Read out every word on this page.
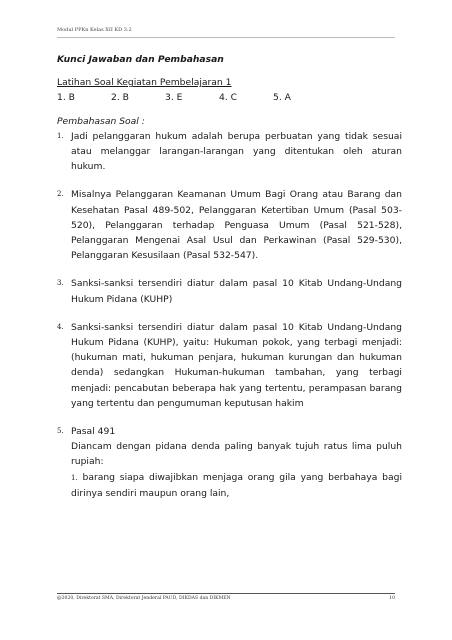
Modul PPKn Kelas XII KD 3.2

Kunci Jawaban dan Pembahasan

Latihan Soal Kegiatan Pembelajaran 1

1. B	2. B	3. E	4. C	5. A

Pembahasan Soal :

1. Jadi pelanggaran hukum adalah berupa perbuatan yang tidak sesuai atau melanggar larangan-larangan yang ditentukan oleh aturan hukum.
2. Misalnya Pelanggaran Keamanan Umum Bagi Orang atau Barang dan Kesehatan Pasal 489-502, Pelanggaran Ketertiban Umum (Pasal 503-520), Pelanggaran terhadap Penguasa Umum (Pasal 521-528), Pelanggaran Mengenai Asal Usul dan Perkawinan (Pasal 529-530), Pelanggaran Kesusilaan (Pasal 532-547).
3. Sanksi-sanksi tersendiri diatur dalam pasal 10 Kitab Undang-Undang Hukum Pidana (KUHP)
4. Sanksi-sanksi tersendiri diatur dalam pasal 10 Kitab Undang-Undang Hukum Pidana (KUHP), yaitu: Hukuman pokok, yang terbagi menjadi: (hukuman mati, hukuman penjara, hukuman kurungan dan hukuman denda) sedangkan Hukuman-hukuman tambahan, yang terbagi menjadi: pencabutan beberapa hak yang tertentu, perampasan barang yang tertentu dan pengumuman keputusan hakim
5. Pasal 491
Diancam dengan pidana denda paling banyak tujuh ratus lima puluh rupiah:
1. barang siapa diwajibkan menjaga orang gila yang berbahaya bagi dirinya sendiri maupun orang lain,
@2020, Direktorat SMA, Direktorat Jenderal PAUD, DIKDAS dan DIKMEN	10
